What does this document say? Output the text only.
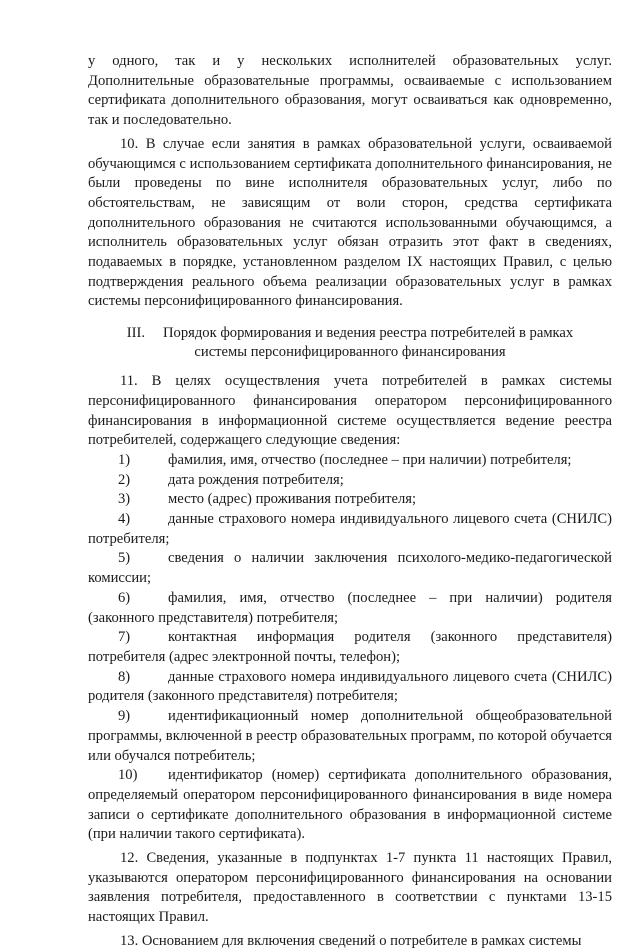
у одного, так и у нескольких исполнителей образовательных услуг. Дополнительные образовательные программы, осваиваемые с использованием сертификата дополнительного образования, могут осваиваться как одновременно, так и последовательно.

10. В случае если занятия в рамках образовательной услуги, осваиваемой обучающимся с использованием сертификата дополнительного финансирования, не были проведены по вине исполнителя образовательных услуг, либо по обстоятельствам, не зависящим от воли сторон, средства сертификата дополнительного образования не считаются использованными обучающимся, а исполнитель образовательных услуг обязан отразить этот факт в сведениях, подаваемых в порядке, установленном разделом IX настоящих Правил, с целью подтверждения реального объема реализации образовательных услуг в рамках системы персонифицированного финансирования.

III. Порядок формирования и ведения реестра потребителей в рамках
системы персонифицированного финансирования

11. В целях осуществления учета потребителей в рамках системы персонифицированного финансирования оператором персонифицированного финансирования в информационной системе осуществляется ведение реестра потребителей, содержащего следующие сведения:

1)	фамилия, имя, отчество (последнее – при наличии) потребителя;

2)	дата рождения потребителя;

3)	место (адрес) проживания потребителя;

4)	данные страхового номера индивидуального лицевого счета (СНИЛС) потребителя;

5)	сведения о наличии заключения психолого-медико-педагогической комиссии;

6)	фамилия, имя, отчество (последнее – при наличии) родителя (законного представителя) потребителя;

7)	контактная информация родителя (законного представителя) потребителя (адрес электронной почты, телефон);

8)	данные страхового номера индивидуального лицевого счета (СНИЛС) родителя (законного представителя) потребителя;

9)	идентификационный номер дополнительной общеобразовательной программы, включенной в реестр образовательных программ, по которой обучается или обучался потребитель;

10) идентификатор (номер) сертификата дополнительного образования, определяемый оператором персонифицированного финансирования в виде номера записи о сертификате дополнительного образования в информационной системе (при наличии такого сертификата).

12. Сведения, указанные в подпунктах 1-7 пункта 11 настоящих Правил, указываются оператором персонифицированного финансирования на основании заявления потребителя, предоставленного в соответствии с пунктами 13-15 настоящих Правил.

13. Основанием для включения сведений о потребителе в рамках системы
